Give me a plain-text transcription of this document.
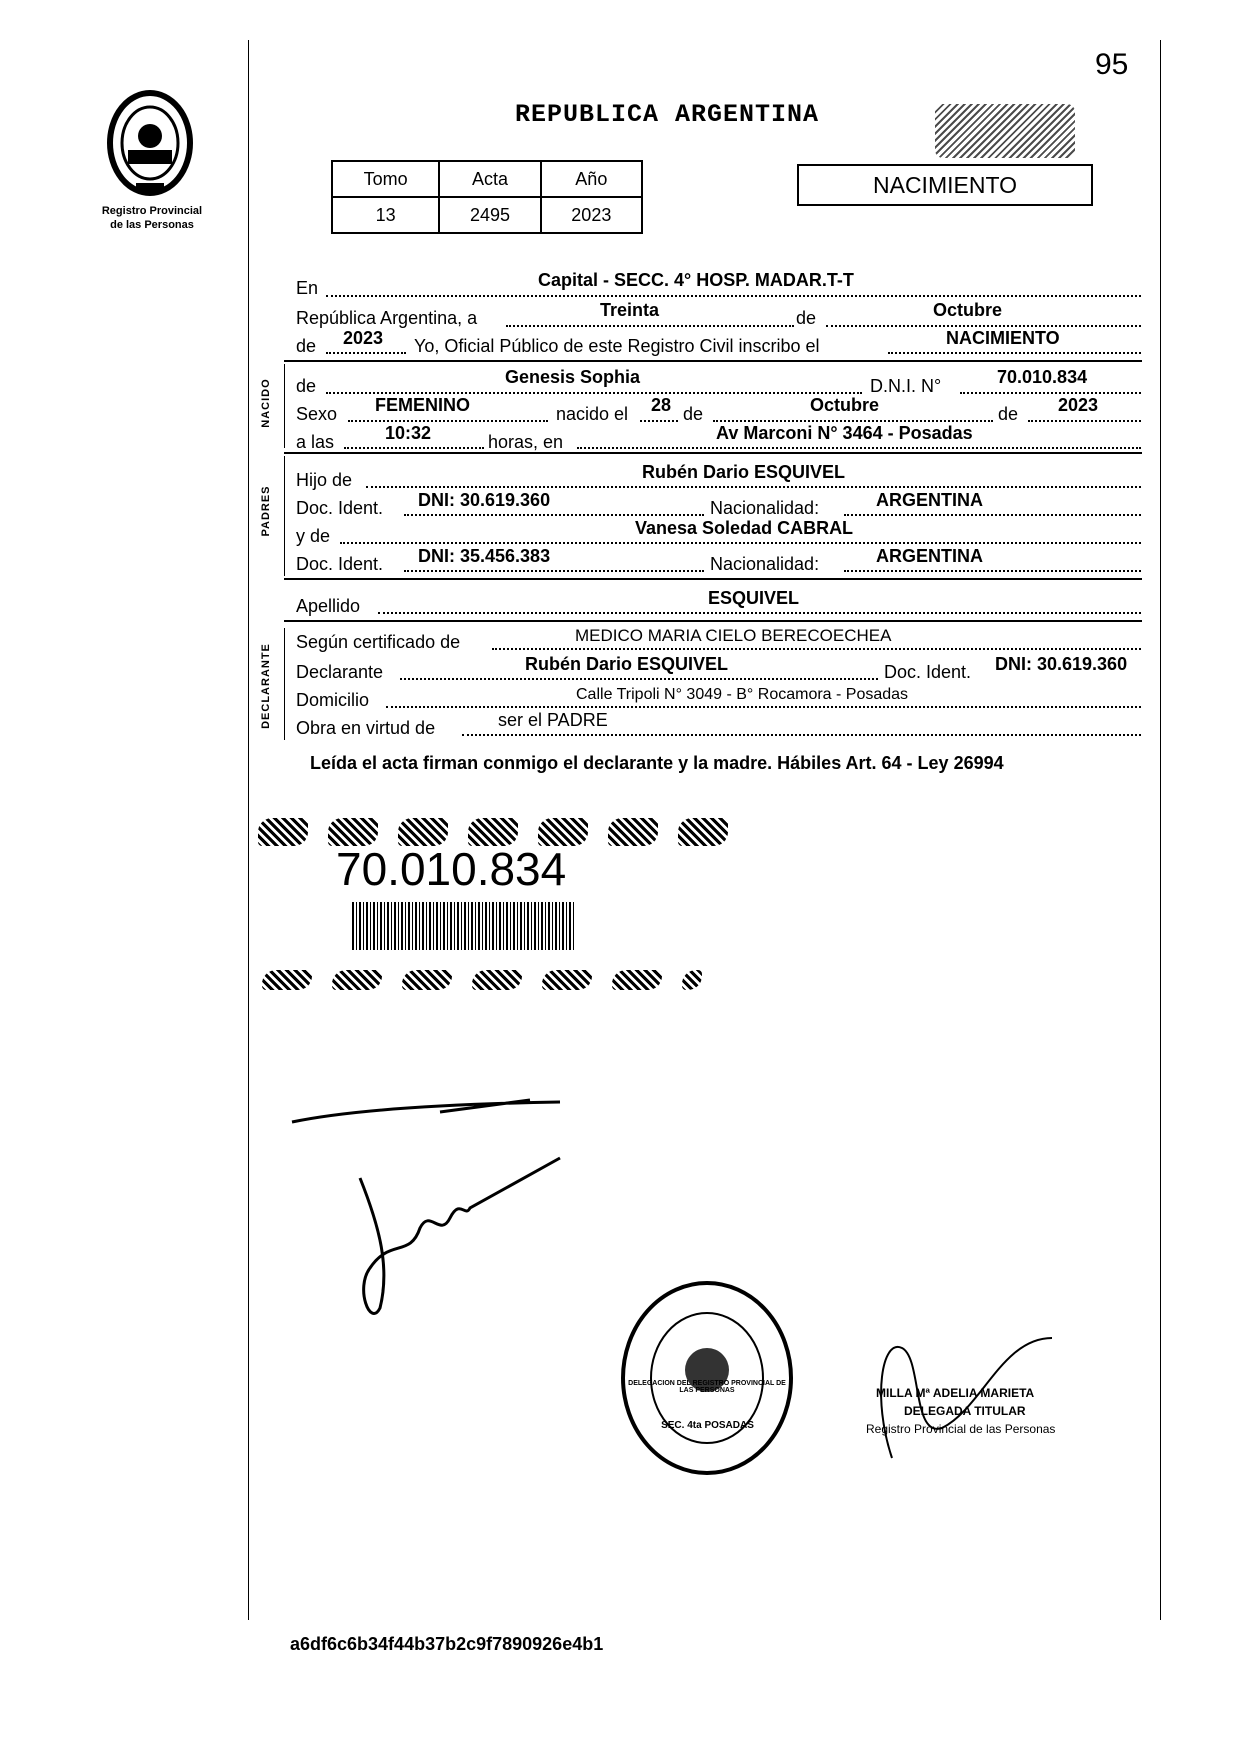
95
Registro Provincial
de las Personas
REPUBLICA ARGENTINA
Tomo	Acta	Año
13	2495	2023
NACIMIENTO
En	Capital - SECC. 4° HOSP. MADAR.T-T
República Argentina, a	Treinta	de	Octubre
de 2023 Yo, Oficial Público de este Registro Civil inscribo el	NACIMIENTO
NACIDO de	Genesis Sophia	D.N.I. N°	70.010.834
Sexo FEMENINO	nacido el 28 de	Octubre	de 2023
a las	10:32	horas, en	Av Marconi N° 3464 - Posadas
PADRES
Hijo de	Rubén Dario ESQUIVEL
Doc. Ident. DNI: 30.619.360	Nacionalidad:	ARGENTINA
y de	Vanesa Soledad CABRAL
Doc. Ident. DNI: 35.456.383	Nacionalidad:	ARGENTINA
Apellido	ESQUIVEL
DECLARANTE
Según certificado de	MEDICO MARIA CIELO BERECOECHEA
Declarante	Rubén Dario ESQUIVEL	Doc. Ident. DNI: 30.619.360
Domicilio	Calle Tripoli N° 3049 - B° Rocamora - Posadas
Obra en virtud de	ser el PADRE
Leída el acta firman conmigo el declarante y la madre. Hábiles Art. 64 - Ley 26994
70.010.834
DELEGACION DEL REGISTRO PROVINCIAL DE LAS PERSONAS
SEC. 4ta POSADAS
MILLA Mª ADELIA MARIETA
DELEGADA TITULAR
Registro Provincial de las Personas
a6df6c6b34f44b37b2c9f7890926e4b1
